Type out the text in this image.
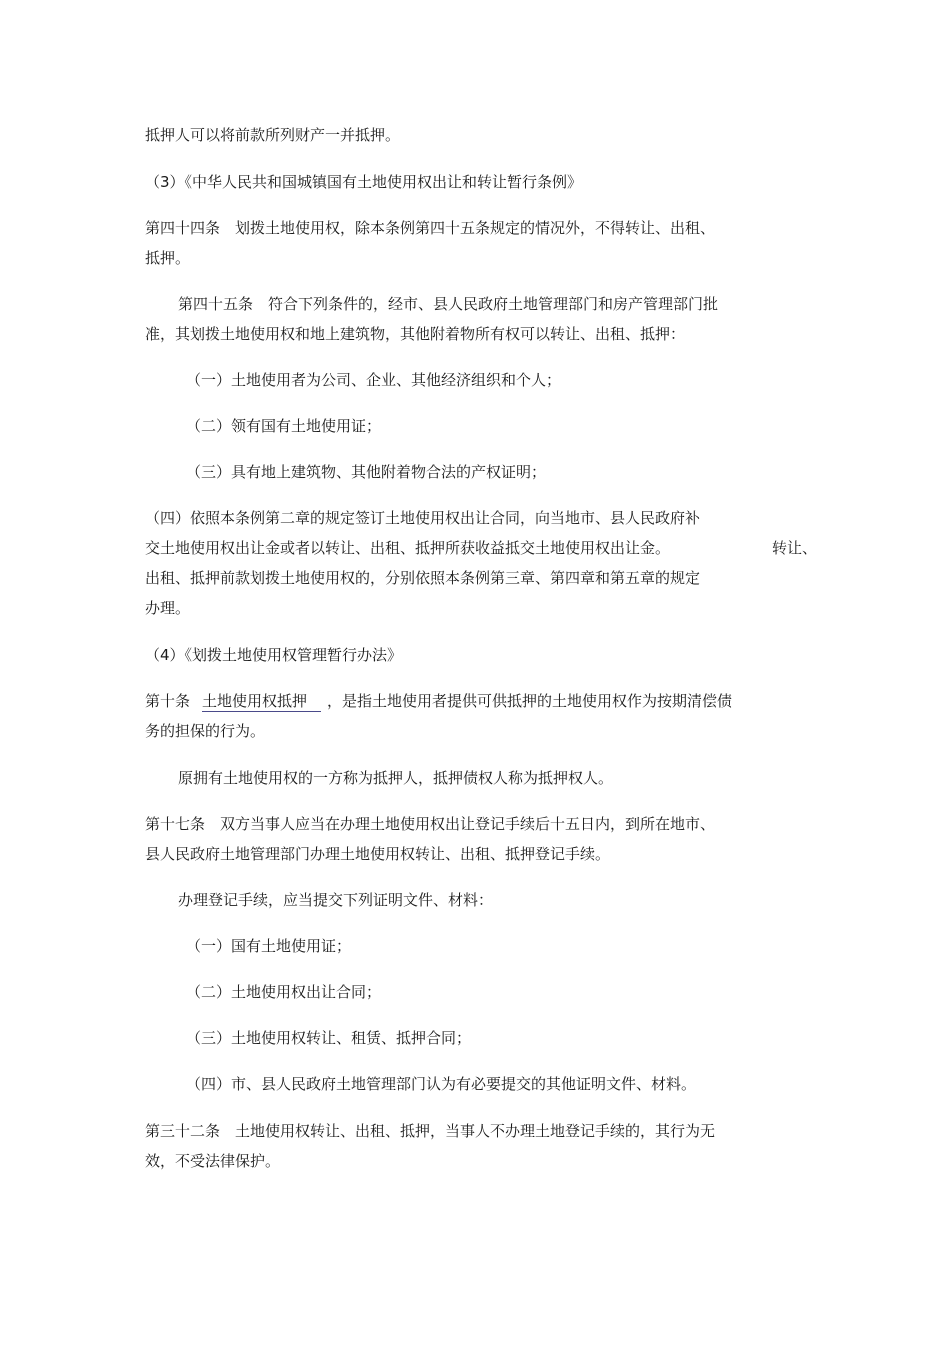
抵押人可以将前款所列财产一并抵押。
（3）《中华人民共和国城镇国有土地使用权出让和转让暂行条例》
第四十四条　划拨土地使用权，除本条例第四十五条规定的情况外，不得转让、出租、
抵押。
第四十五条　符合下列条件的，经市、县人民政府土地管理部门和房产管理部门批
准，其划拨土地使用权和地上建筑物，其他附着物所有权可以转让、出租、抵押：
（一）土地使用者为公司、企业、其他经济组织和个人；
（二）领有国有土地使用证；
（三）具有地上建筑物、其他附着物合法的产权证明；
（四）依照本条例第二章的规定签订土地使用权出让合同，向当地市、县人民政府补
交土地使用权出让金或者以转让、出租、抵押所获收益抵交土地使用权出让金。	转让、
出租、抵押前款划拨土地使用权的，分别依照本条例第三章、第四章和第五章的规定
办理。
（4）《划拨土地使用权管理暂行办法》
第十条 土地使用权抵押	，是指土地使用者提供可供抵押的土地使用权作为按期清偿债
务的担保的行为。
原拥有土地使用权的一方称为抵押人，抵押债权人称为抵押权人。
第十七条　双方当事人应当在办理土地使用权出让登记手续后十五日内，到所在地市、
县人民政府土地管理部门办理土地使用权转让、出租、抵押登记手续。
办理登记手续，应当提交下列证明文件、材料：
（一）国有土地使用证；
（二）土地使用权出让合同；
（三）土地使用权转让、租赁、抵押合同；
（四）市、县人民政府土地管理部门认为有必要提交的其他证明文件、材料。
第三十二条　土地使用权转让、出租、抵押，当事人不办理土地登记手续的，其行为无
效，不受法律保护。
